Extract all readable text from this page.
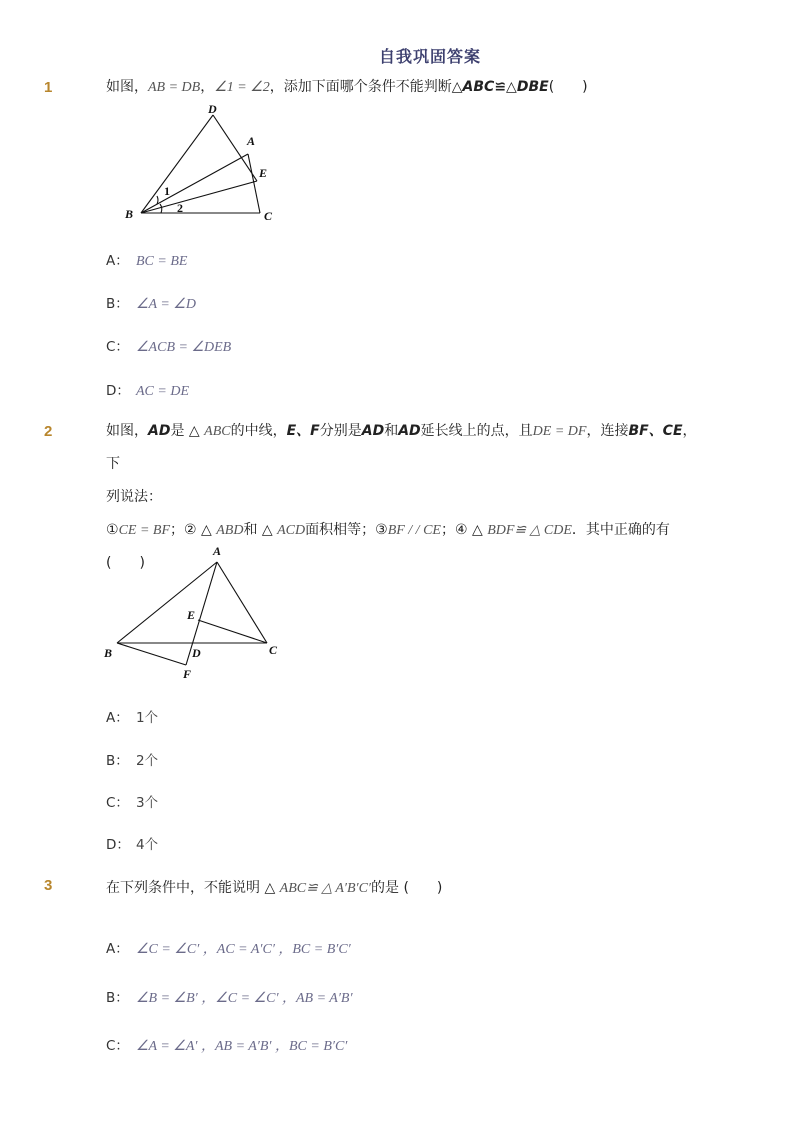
自我巩固答案
1	如图，AB = DB，∠1 = ∠2，添加下面哪个条件不能判断△ABC≌△DBE(　　)
D
A
E
B	C
1
2
A： BC = BE
B： ∠A = ∠D
C： ∠ACB = ∠DEB
D： AC = DE
2	如图，AD是 △ ABC的中线，E、F分别是AD和AD延长线上的点，且DE = DF，连接BF、CE，下
列说法：
①CE = BF；② △ ABD和 △ ACD面积相等；③BF / / CE；④ △ BDF≌ △ CDE．其中正确的有
(　　)
A
E
B	D	C
F
A： 1个
B： 2个
C： 3个
D： 4个
3	在下列条件中，不能说明 △ ABC≌ △ A′B′C′的是 (　　)
A： ∠C = ∠C′ ，AC = A′C′ ，BC = B′C′
B： ∠B = ∠B′ ，∠C = ∠C′ ，AB = A′B′
C： ∠A = ∠A′ ，AB = A′B′ ，BC = B′C′
